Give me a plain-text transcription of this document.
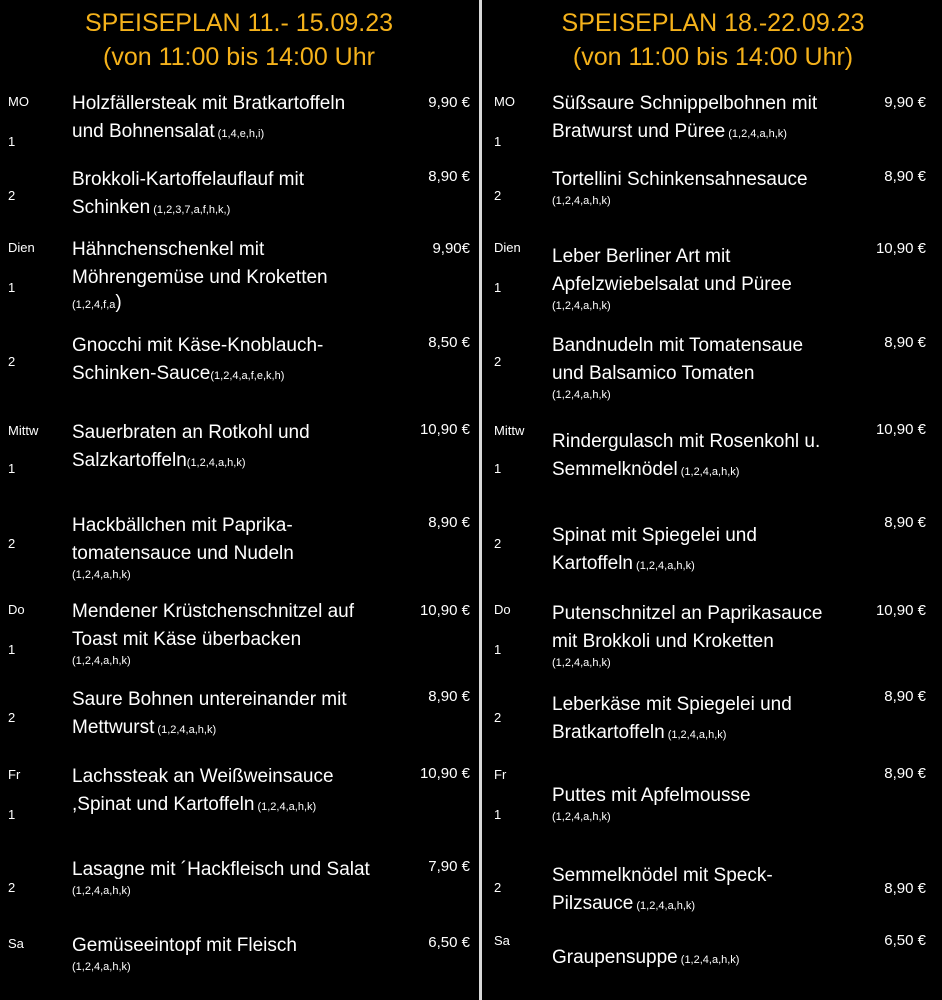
SPEISEPLAN 11.- 15.09.23
(von 11:00 bis 14:00 Uhr
MO
1
Holzfällersteak mit Bratkartoffeln
und Bohnensalat (1,4,e,h,i)
9,90 €
2
Brokkoli-Kartoffelauflauf mit
Schinken (1,2,3,7,a,f,h,k,)
8,90 €
Dien
1
Hähnchenschenkel mit
Möhrengemüse und Kroketten
(1,2,4,f,a)
9,90€
2
Gnocchi mit Käse-Knoblauch-
Schinken-Sauce(1,2,4,a,f,e,k,h)
8,50 €
Mittw
1
Sauerbraten an Rotkohl und
Salzkartoffeln(1,2,4,a,h,k)
10,90 €
2
Hackbällchen mit Paprika-
tomatensauce und Nudeln
(1,2,4,a,h,k)
8,90 €
Do
1
Mendener Krüstchenschnitzel auf
Toast mit Käse überbacken
(1,2,4,a,h,k)
10,90 €
2
Saure Bohnen untereinander mit
Mettwurst (1,2,4,a,h,k)
8,90 €
Fr
1
Lachssteak an Weißweinsauce
,Spinat und Kartoffeln (1,2,4,a,h,k)
10,90 €
2
Lasagne mit ´Hackfleisch und Salat
(1,2,4,a,h,k)
7,90 €
Sa	Gemüseeintopf mit Fleisch
(1,2,4,a,h,k)
6,50 €
SPEISEPLAN 18.-22.09.23
(von 11:00 bis 14:00 Uhr)
MO
1
Süßsaure Schnippelbohnen mit
Bratwurst und Püree (1,2,4,a,h,k)
9,90 €
2
Tortellini Schinkensahnesauce
(1,2,4,a,h,k)
8,90 €
Dien
1
Leber Berliner Art mit
Apfelzwiebelsalat und Püree
(1,2,4,a,h,k)
10,90 €
2
Bandnudeln mit Tomatensaue
und Balsamico Tomaten
(1,2,4,a,h,k)
8,90 €
Mittw
1
Rindergulasch mit Rosenkohl u.
Semmelknödel (1,2,4,a,h,k)
10,90 €
2	Spinat mit Spiegelei und
Kartoffeln (1,2,4,a,h,k)
8,90 €
Do
1
Putenschnitzel an Paprikasauce
mit Brokkoli und Kroketten
(1,2,4,a,h,k)
10,90 €
2
Leberkäse mit Spiegelei und
Bratkartoffeln (1,2,4,a,h,k)
8,90 €
Fr
1
Puttes mit Apfelmousse
(1,2,4,a,h,k)
8,90 €
2
Semmelknödel mit Speck-
Pilzsauce (1,2,4,a,h,k)
8,90 €
Sa
Graupensuppe (1,2,4,a,h,k)
6,50 €
